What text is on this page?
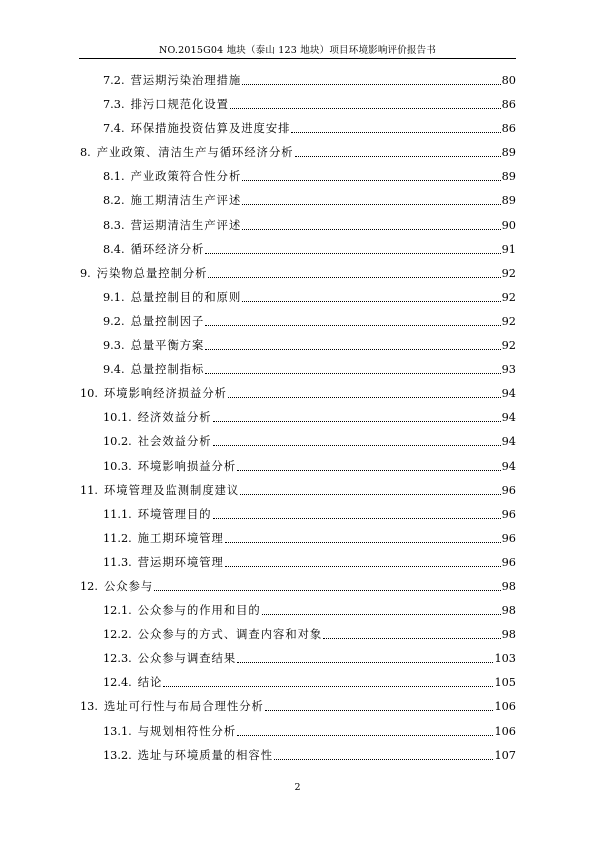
NO.2015G04 地块（泰山 123 地块）项目环境影响评价报告书
7.2. 营运期污染治理措施	80
7.3. 排污口规范化设置	86
7.4. 环保措施投资估算及进度安排	86
8. 产业政策、清洁生产与循环经济分析	89
8.1. 产业政策符合性分析	89
8.2. 施工期清洁生产评述	89
8.3. 营运期清洁生产评述	90
8.4. 循环经济分析	91
9. 污染物总量控制分析	92
9.1. 总量控制目的和原则	92
9.2. 总量控制因子	92
9.3. 总量平衡方案	92
9.4. 总量控制指标	93
10. 环境影响经济损益分析	94
10.1. 经济效益分析	94
10.2. 社会效益分析	94
10.3. 环境影响损益分析	94
11. 环境管理及监测制度建议	96
11.1. 环境管理目的	96
11.2. 施工期环境管理	96
11.3. 营运期环境管理	96
12. 公众参与	98
12.1. 公众参与的作用和目的	98
12.2. 公众参与的方式、调查内容和对象	98
12.3. 公众参与调查结果	103
12.4. 结论	105
13. 选址可行性与布局合理性分析	106
13.1. 与规划相符性分析	106
13.2. 选址与环境质量的相容性	107
2
